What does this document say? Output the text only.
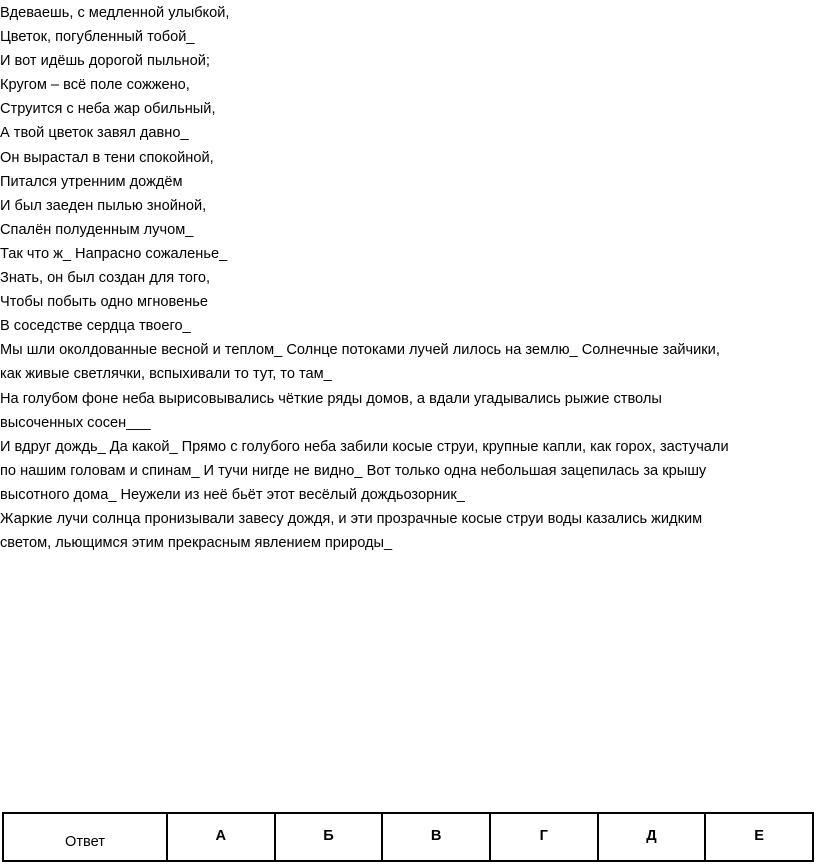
Вдеваешь, с медленной улыбкой,
Цветок, погубленный тобой_
И вот идёшь дорогой пыльной;
Кругом – всё поле сожжено,
Струится с неба жар обильный,
А твой цветок завял давно_
Он вырастал в тени спокойной,
Питался утренним дождём
И был заеден пылью знойной,
Спалён полуденным лучом_
Так что ж_ Напрасно сожаленье_
Знать, он был создан для того,
Чтобы побыть одно мгновенье
В соседстве сердца твоего_
Мы шли околдованные весной и теплом_ Солнце потоками лучей лилось на землю_ Солнечные зайчики,
как живые светлячки, вспыхивали то тут, то там_
На голубом фоне неба вырисовывались чёткие ряды домов, а вдали угадывались рыжие стволы
высоченных сосен___
И вдруг дождь_ Да какой_ Прямо с голубого неба забили косые струи, крупные капли, как горох, застучали
по нашим головам и спинам_ И тучи нигде не видно_ Вот только одна небольшая зацепилась за крышу
высотного дома_ Неужели из неё бьёт этот весёлый дождьозорник_
Жаркие лучи солнца пронизывали завесу дождя, и эти прозрачные косые струи воды казались жидким
светом, льющимся этим прекрасным явлением природы_
Ответ	А	Б	В	Г	Д	Е
